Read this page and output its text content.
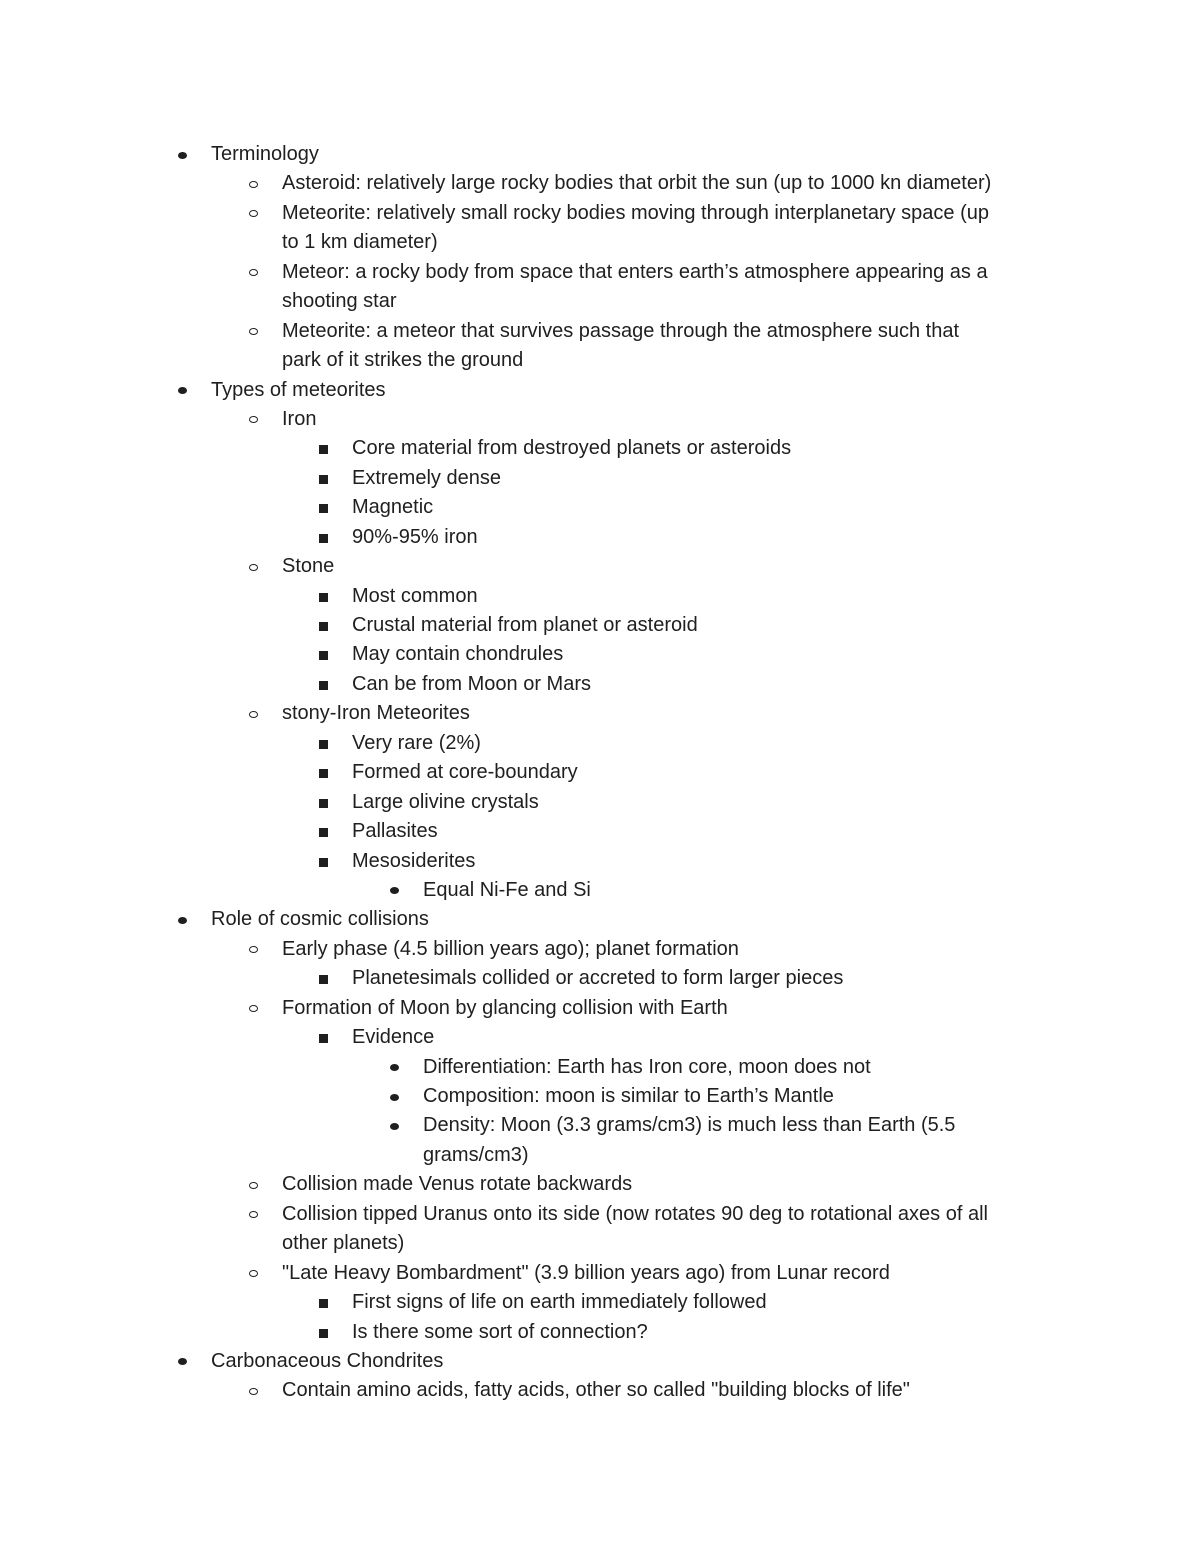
Terminology
Asteroid: relatively large rocky bodies that orbit the sun (up to 1000 kn diameter)
Meteorite: relatively small rocky bodies moving through interplanetary space (up
to 1 km diameter)
Meteor: a rocky body from space that enters earth’s atmosphere appearing as a
shooting star
Meteorite: a meteor that survives passage through the atmosphere such that
park of it strikes the ground
Types of meteorites
Iron
Core material from destroyed planets or asteroids
Extremely dense
Magnetic
90%-95% iron
Stone
Most common
Crustal material from planet or asteroid
May contain chondrules
Can be from Moon or Mars
stony-Iron Meteorites
Very rare (2%)
Formed at core-boundary
Large olivine crystals
Pallasites
Mesosiderites
Equal Ni-Fe and Si
Role of cosmic collisions
Early phase (4.5 billion years ago); planet formation
Planetesimals collided or accreted to form larger pieces
Formation of Moon by glancing collision with Earth
Evidence
Differentiation: Earth has Iron core, moon does not
Composition: moon is similar to Earth’s Mantle
Density: Moon (3.3 grams/cm3) is much less than Earth (5.5
grams/cm3)
Collision made Venus rotate backwards
Collision tipped Uranus onto its side (now rotates 90 deg to rotational axes of all
other planets)
"Late Heavy Bombardment" (3.9 billion years ago) from Lunar record
First signs of life on earth immediately followed
Is there some sort of connection?
Carbonaceous Chondrites
Contain amino acids, fatty acids, other so called "building blocks of life"
